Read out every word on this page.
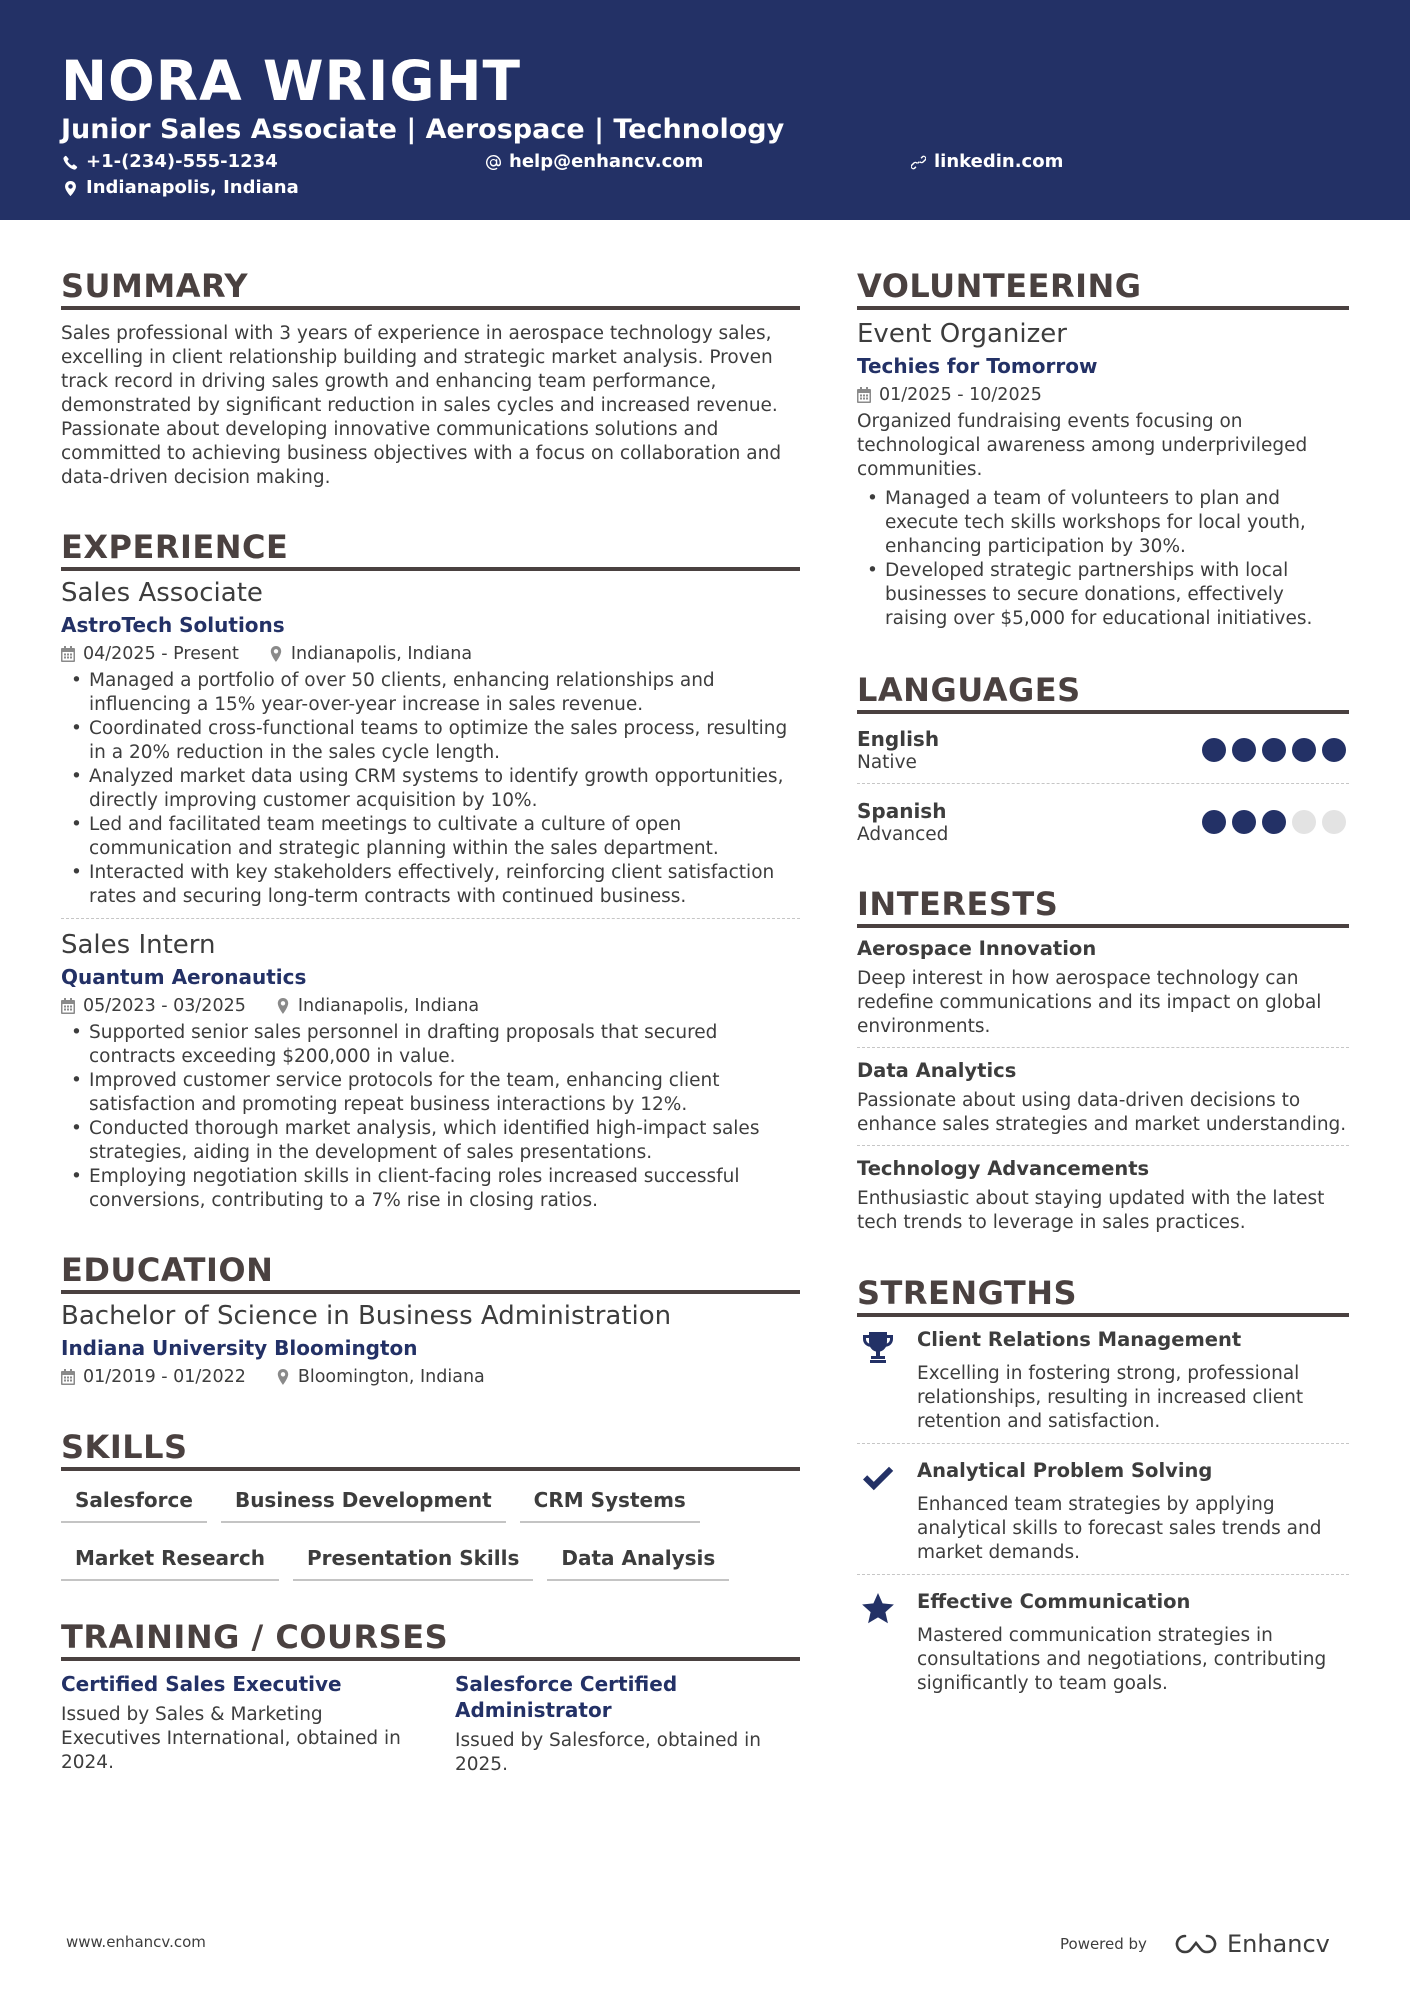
NORA WRIGHT
Junior Sales Associate | Aerospace | Technology
+1-(234)-555-1234	help@enhancv.com	linkedin.com
Indianapolis, Indiana
SUMMARY
Sales professional with 3 years of experience in aerospace technology sales, excelling in client relationship building and strategic market analysis. Proven track record in driving sales growth and enhancing team performance, demonstrated by significant reduction in sales cycles and increased revenue. Passionate about developing innovative communications solutions and committed to achieving business objectives with a focus on collaboration and data-driven decision making.
EXPERIENCE
Sales Associate
AstroTech Solutions
04/2025 - Present	Indianapolis, Indiana
• Managed a portfolio of over 50 clients, enhancing relationships and influencing a 15% year-over-year increase in sales revenue.
• Coordinated cross-functional teams to optimize the sales process, resulting in a 20% reduction in the sales cycle length.
• Analyzed market data using CRM systems to identify growth opportunities, directly improving customer acquisition by 10%.
• Led and facilitated team meetings to cultivate a culture of open communication and strategic planning within the sales department.
• Interacted with key stakeholders effectively, reinforcing client satisfaction rates and securing long-term contracts with continued business.
Sales Intern
Quantum Aeronautics
05/2023 - 03/2025	Indianapolis, Indiana
• Supported senior sales personnel in drafting proposals that secured contracts exceeding $200,000 in value.
• Improved customer service protocols for the team, enhancing client satisfaction and promoting repeat business interactions by 12%.
• Conducted thorough market analysis, which identified high-impact sales strategies, aiding in the development of sales presentations.
• Employing negotiation skills in client-facing roles increased successful conversions, contributing to a 7% rise in closing ratios.
EDUCATION
Bachelor of Science in Business Administration
Indiana University Bloomington
01/2019 - 01/2022	Bloomington, Indiana
SKILLS
Salesforce	Business Development	CRM Systems
Market Research	Presentation Skills	Data Analysis
TRAINING / COURSES
Certified Sales Executive
Issued by Sales & Marketing Executives International, obtained in 2024.
Salesforce Certified Administrator
Issued by Salesforce, obtained in 2025.
VOLUNTEERING
Event Organizer
Techies for Tomorrow
01/2025 - 10/2025
Organized fundraising events focusing on technological awareness among underprivileged communities.
• Managed a team of volunteers to plan and execute tech skills workshops for local youth, enhancing participation by 30%.
• Developed strategic partnerships with local businesses to secure donations, effectively raising over $5,000 for educational initiatives.
LANGUAGES
English
Native
Spanish
Advanced
INTERESTS
Aerospace Innovation
Deep interest in how aerospace technology can redefine communications and its impact on global environments.
Data Analytics
Passionate about using data-driven decisions to enhance sales strategies and market understanding.
Technology Advancements
Enthusiastic about staying updated with the latest tech trends to leverage in sales practices.
STRENGTHS
Client Relations Management
Excelling in fostering strong, professional relationships, resulting in increased client retention and satisfaction.
Analytical Problem Solving
Enhanced team strategies by applying analytical skills to forecast sales trends and market demands.
Effective Communication
Mastered communication strategies in consultations and negotiations, contributing significantly to team goals.
www.enhancv.com	Powered by	Enhancv
